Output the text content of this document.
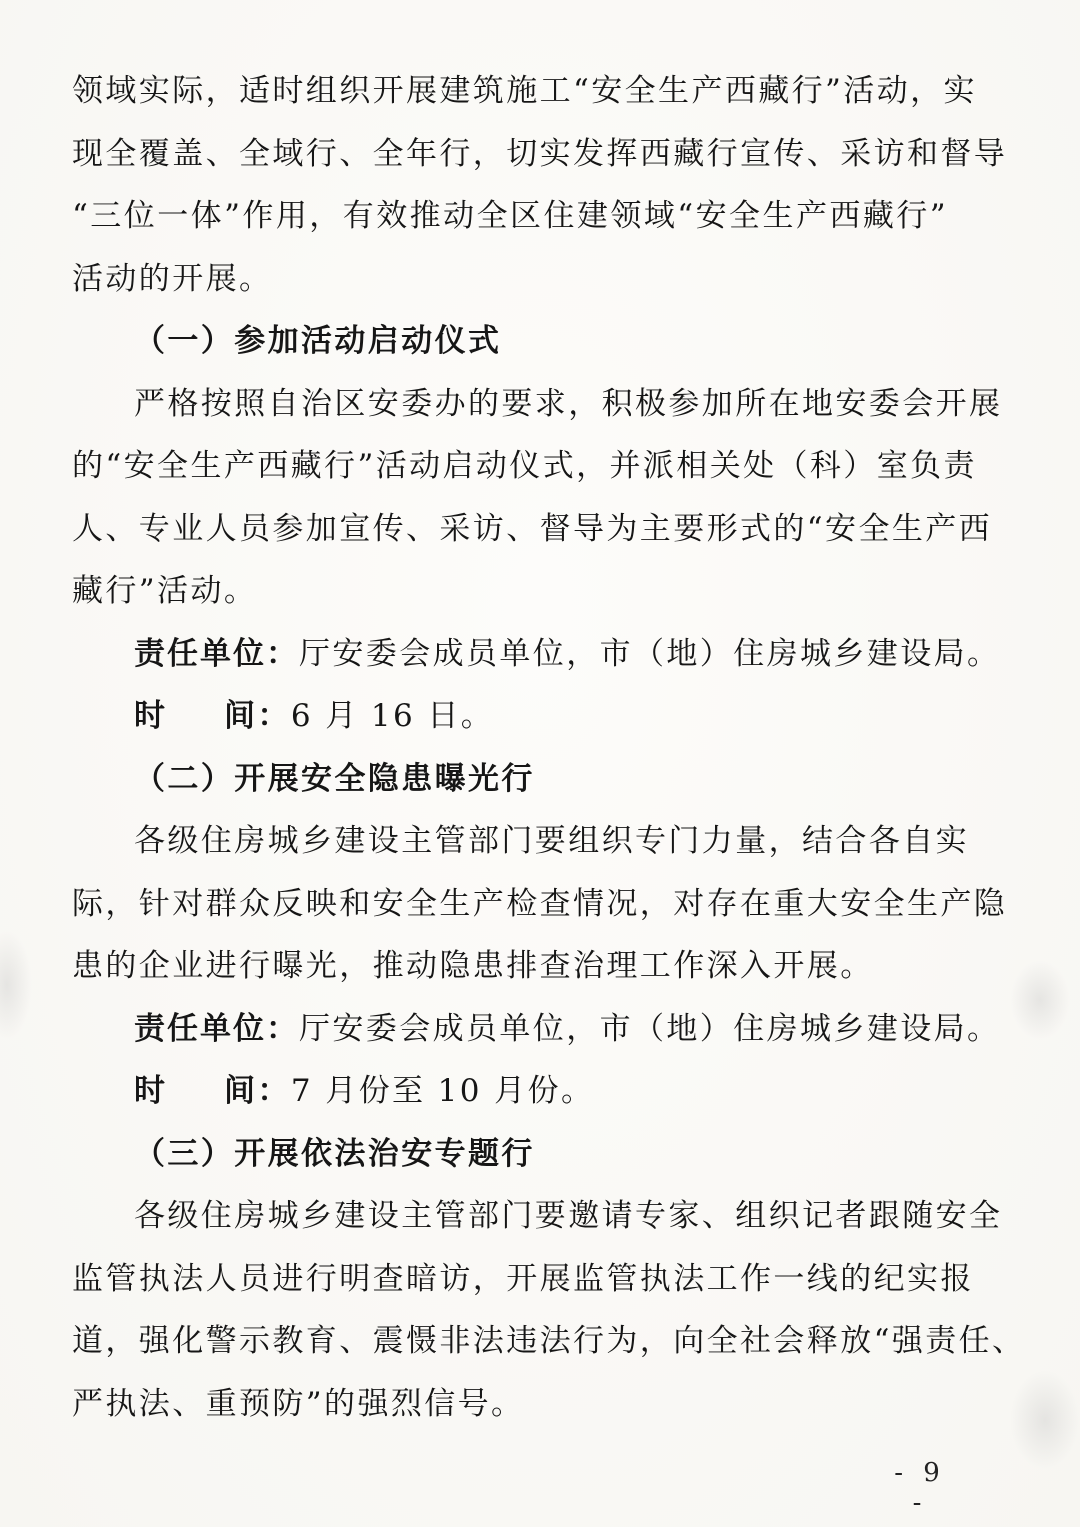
领域实际，适时组织开展建筑施工“安全生产西藏行”活动，实
现全覆盖、全域行、全年行，切实发挥西藏行宣传、采访和督导
“三位一体”作用，有效推动全区住建领域“安全生产西藏行”
活动的开展。
（一）参加活动启动仪式
严格按照自治区安委办的要求，积极参加所在地安委会开展
的“安全生产西藏行”活动启动仪式，并派相关处（科）室负责
人、专业人员参加宣传、采访、督导为主要形式的“安全生产西
藏行”活动。
责任单位：厅安委会成员单位，市（地）住房城乡建设局。
时 间：6 月 16 日。
（二）开展安全隐患曝光行
各级住房城乡建设主管部门要组织专门力量，结合各自实
际，针对群众反映和安全生产检查情况，对存在重大安全生产隐
患的企业进行曝光，推动隐患排查治理工作深入开展。
责任单位：厅安委会成员单位，市（地）住房城乡建设局。
时 间：7 月份至 10 月份。
（三）开展依法治安专题行
各级住房城乡建设主管部门要邀请专家、组织记者跟随安全
监管执法人员进行明查暗访，开展监管执法工作一线的纪实报
道，强化警示教育、震慑非法违法行为，向全社会释放“强责任、
严执法、重预防”的强烈信号。
- 9 -
